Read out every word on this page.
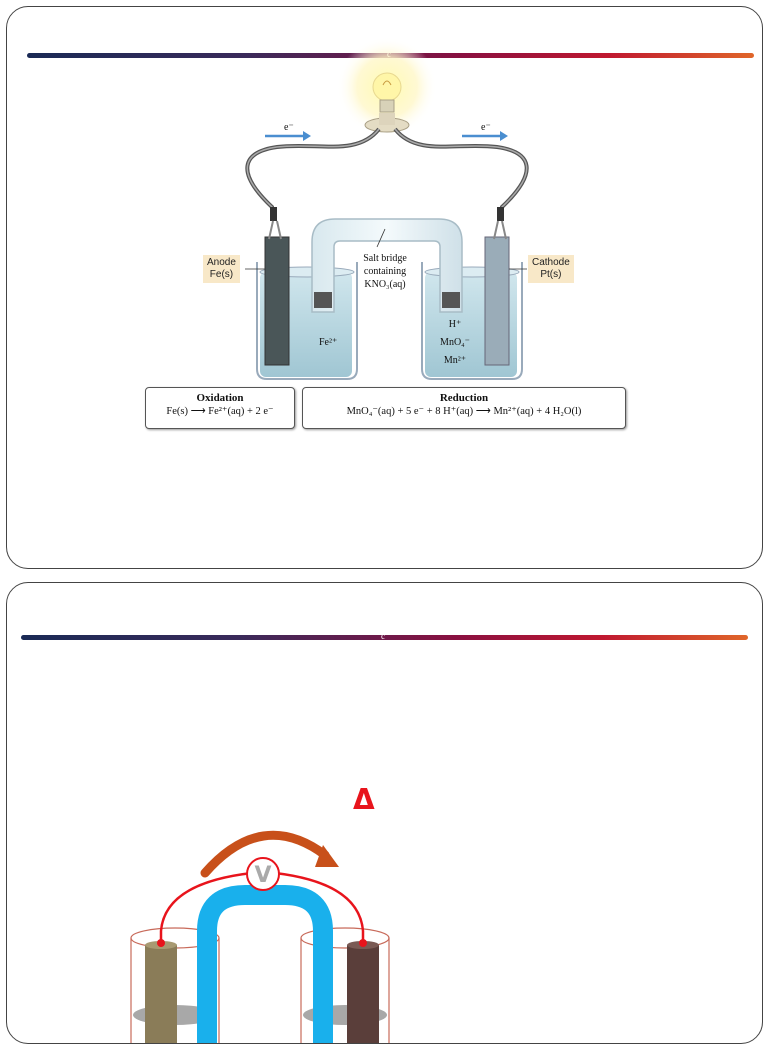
e⁻	e⁻
Salt bridge
containing
KNO₃(aq)
Fe²⁺
H⁺
MnO₄⁻
Mn²⁺
Anode
Fe(s)
Cathode
Pt(s)
Oxidation
Fe(s) ⟶ Fe²⁺(aq) + 2 e⁻
Reduction
MnO₄⁻(aq) + 5 e⁻ + 8 H⁺(aq) ⟶ Mn²⁺(aq) + 4 H₂O(l)
c
Δ
V
